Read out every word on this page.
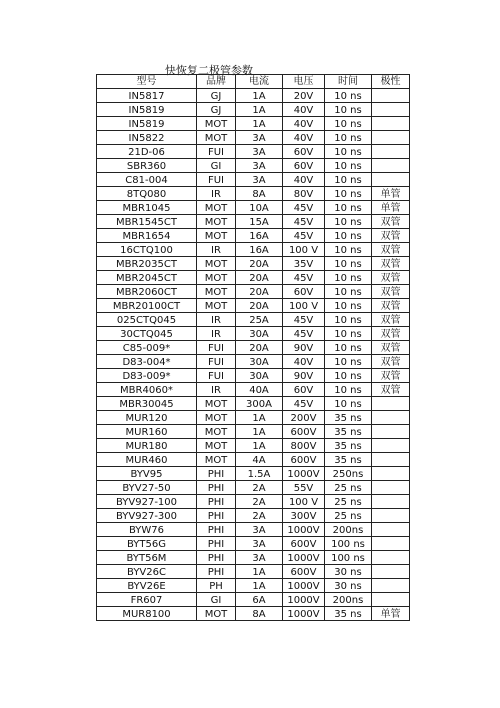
快恢复二极管参数
型号	品牌	电流	电压	时间	极性
IN5817	GJ	1A	20V	10 ns	
IN5819	GJ	1A	40V	10 ns	
IN5819	MOT	1A	40V	10 ns	
IN5822	MOT	3A	40V	10 ns	
21D-06	FUI	3A	60V	10 ns	
SBR360	GI	3A	60V	10 ns	
C81-004	FUI	3A	40V	10 ns	
8TQ080	IR	8A	80V	10 ns	单管
MBR1045	MOT	10A	45V	10 ns	单管
MBR1545CT	MOT	15A	45V	10 ns	双管
MBR1654	MOT	16A	45V	10 ns	双管
16CTQ100	IR	16A	100 V	10 ns	双管
MBR2035CT	MOT	20A	35V	10 ns	双管
MBR2045CT	MOT	20A	45V	10 ns	双管
MBR2060CT	MOT	20A	60V	10 ns	双管
MBR20100CT	MOT	20A	100 V	10 ns	双管
025CTQ045	IR	25A	45V	10 ns	双管
30CTQ045	IR	30A	45V	10 ns	双管
C85-009*	FUI	20A	90V	10 ns	双管
D83-004*	FUI	30A	40V	10 ns	双管
D83-009*	FUI	30A	90V	10 ns	双管
MBR4060*	IR	40A	60V	10 ns	双管
MBR30045	MOT	300A	45V	10 ns	
MUR120	MOT	1A	200V	35 ns	
MUR160	MOT	1A	600V	35 ns	
MUR180	MOT	1A	800V	35 ns	
MUR460	MOT	4A	600V	35 ns	
BYV95	PHI	1.5A	1000V	250ns	
BYV27-50	PHI	2A	55V	25 ns	
BYV927-100	PHI	2A	100 V	25 ns	
BYV927-300	PHI	2A	300V	25 ns	
BYW76	PHI	3A	1000V	200ns	
BYT56G	PHI	3A	600V	100 ns	
BYT56M	PHI	3A	1000V	100 ns	
BYV26C	PHI	1A	600V	30 ns	
BYV26E	PH	1A	1000V	30 ns	
FR607	GI	6A	1000V	200ns	
MUR8100	MOT	8A	1000V	35 ns	单管
